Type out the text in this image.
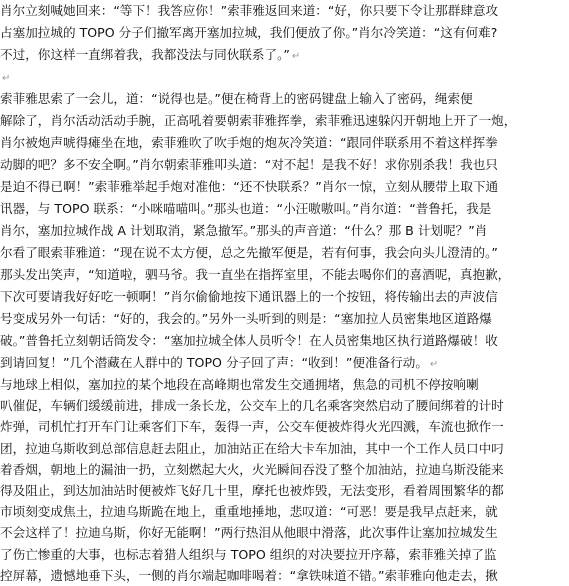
肖尔立刻喊她回来：“等下！我答应你！”索菲雅返回来道：“好，你只要下令让那群肆意攻
占塞加拉城的 TOPO 分子们撤军离开塞加拉城，我们便放了你。”肖尔冷笑道：“这有何难?
不过，你这样一直绑着我，我都没法与同伙联系了。” ↵
↵
索菲雅思索了一会儿，道：“说得也是。”便在椅背上的密码键盘上输入了密码，绳索便
解除了，肖尔活动活动手腕，正高吼着要朝索菲雅挥拳，索菲雅迅速躲闪开朝地上开了一炮，
肖尔被炮声唬得瘫坐在地，索菲雅吹了吹手炮的炮灰冷笑道：“跟同伴联系用不着这样挥拳
动脚的吧？多不安全啊。”肖尔朝索菲雅叩头道：“对不起！是我不好！求你别杀我！我也只
是迫不得已啊！”索菲雅举起手炮对准他：“还不快联系？”肖尔一惊，立刻从腰带上取下通
讯器，与 TOPO 联系：“小咪喵喵叫。”那头也道：“小汪嗷嗷叫。”肖尔道：“普鲁托，我是
肖尔，塞加拉城作战 A 计划取消，紧急撤军。”那头的声音道：“什么？那 B 计划呢？”肖
尔看了眼索菲雅道：“现在说不太方便，总之先撤军便是，若有何事，我会向头儿澄清的。”
那头发出笑声，“知道啦，驷马爷。我一直坐在指挥室里，不能去喝你们的喜酒呢，真抱歉，
下次可要请我好好吃一顿啊！”肖尔偷偷地按下通讯器上的一个按钮，将传输出去的声波信
号变成另外一句话：“好的，我会的。”另外一头听到的则是：“塞加拉人员密集地区道路爆
破。”普鲁托立刻朝话筒发令：“塞加拉城全体人员听令！在人员密集地区执行道路爆破！收
到请回复！”几个潜藏在人群中的 TOPO 分子回了声：“收到！”便准备行动。 ↵
与地球上相似，塞加拉的某个地段在高峰期也常发生交通拥堵，焦急的司机不停按响喇
叭催促，车辆们缓缓前进，排成一条长龙，公交车上的几名乘客突然启动了腰间绑着的计时
炸弹，司机忙打开车门让乘客们下车，轰得一声，公交车便被炸得火光四溅，车流也掀作一
团，拉迪乌斯收到总部信息赶去阻止，加油站正在给大卡车加油，其中一个工作人员口中叼
着香烟，朝地上的漏油一扔，立刻燃起大火，火光瞬间吞没了整个加油站，拉迪乌斯没能来
得及阻止，到达加油站时便被炸飞好几十里，摩托也被炸毁，无法变形，看着周围繁华的都
市顷刻变成焦土，拉迪乌斯跪在地上，重重地捶地，悲叹道：“可恶！要是我早点赶来，就
不会这样了！拉迪乌斯，你好无能啊！”两行热泪从他眼中滑落，此次事件让塞加拉城发生
了伤亡惨重的大事，也标志着猎人组织与 TOPO 组织的对决要拉开序幕，索菲雅关掉了监
控屏幕，遗憾地垂下头，一侧的肖尔端起咖啡喝着：“拿铁味道不错。”索菲雅向他走去，揪
